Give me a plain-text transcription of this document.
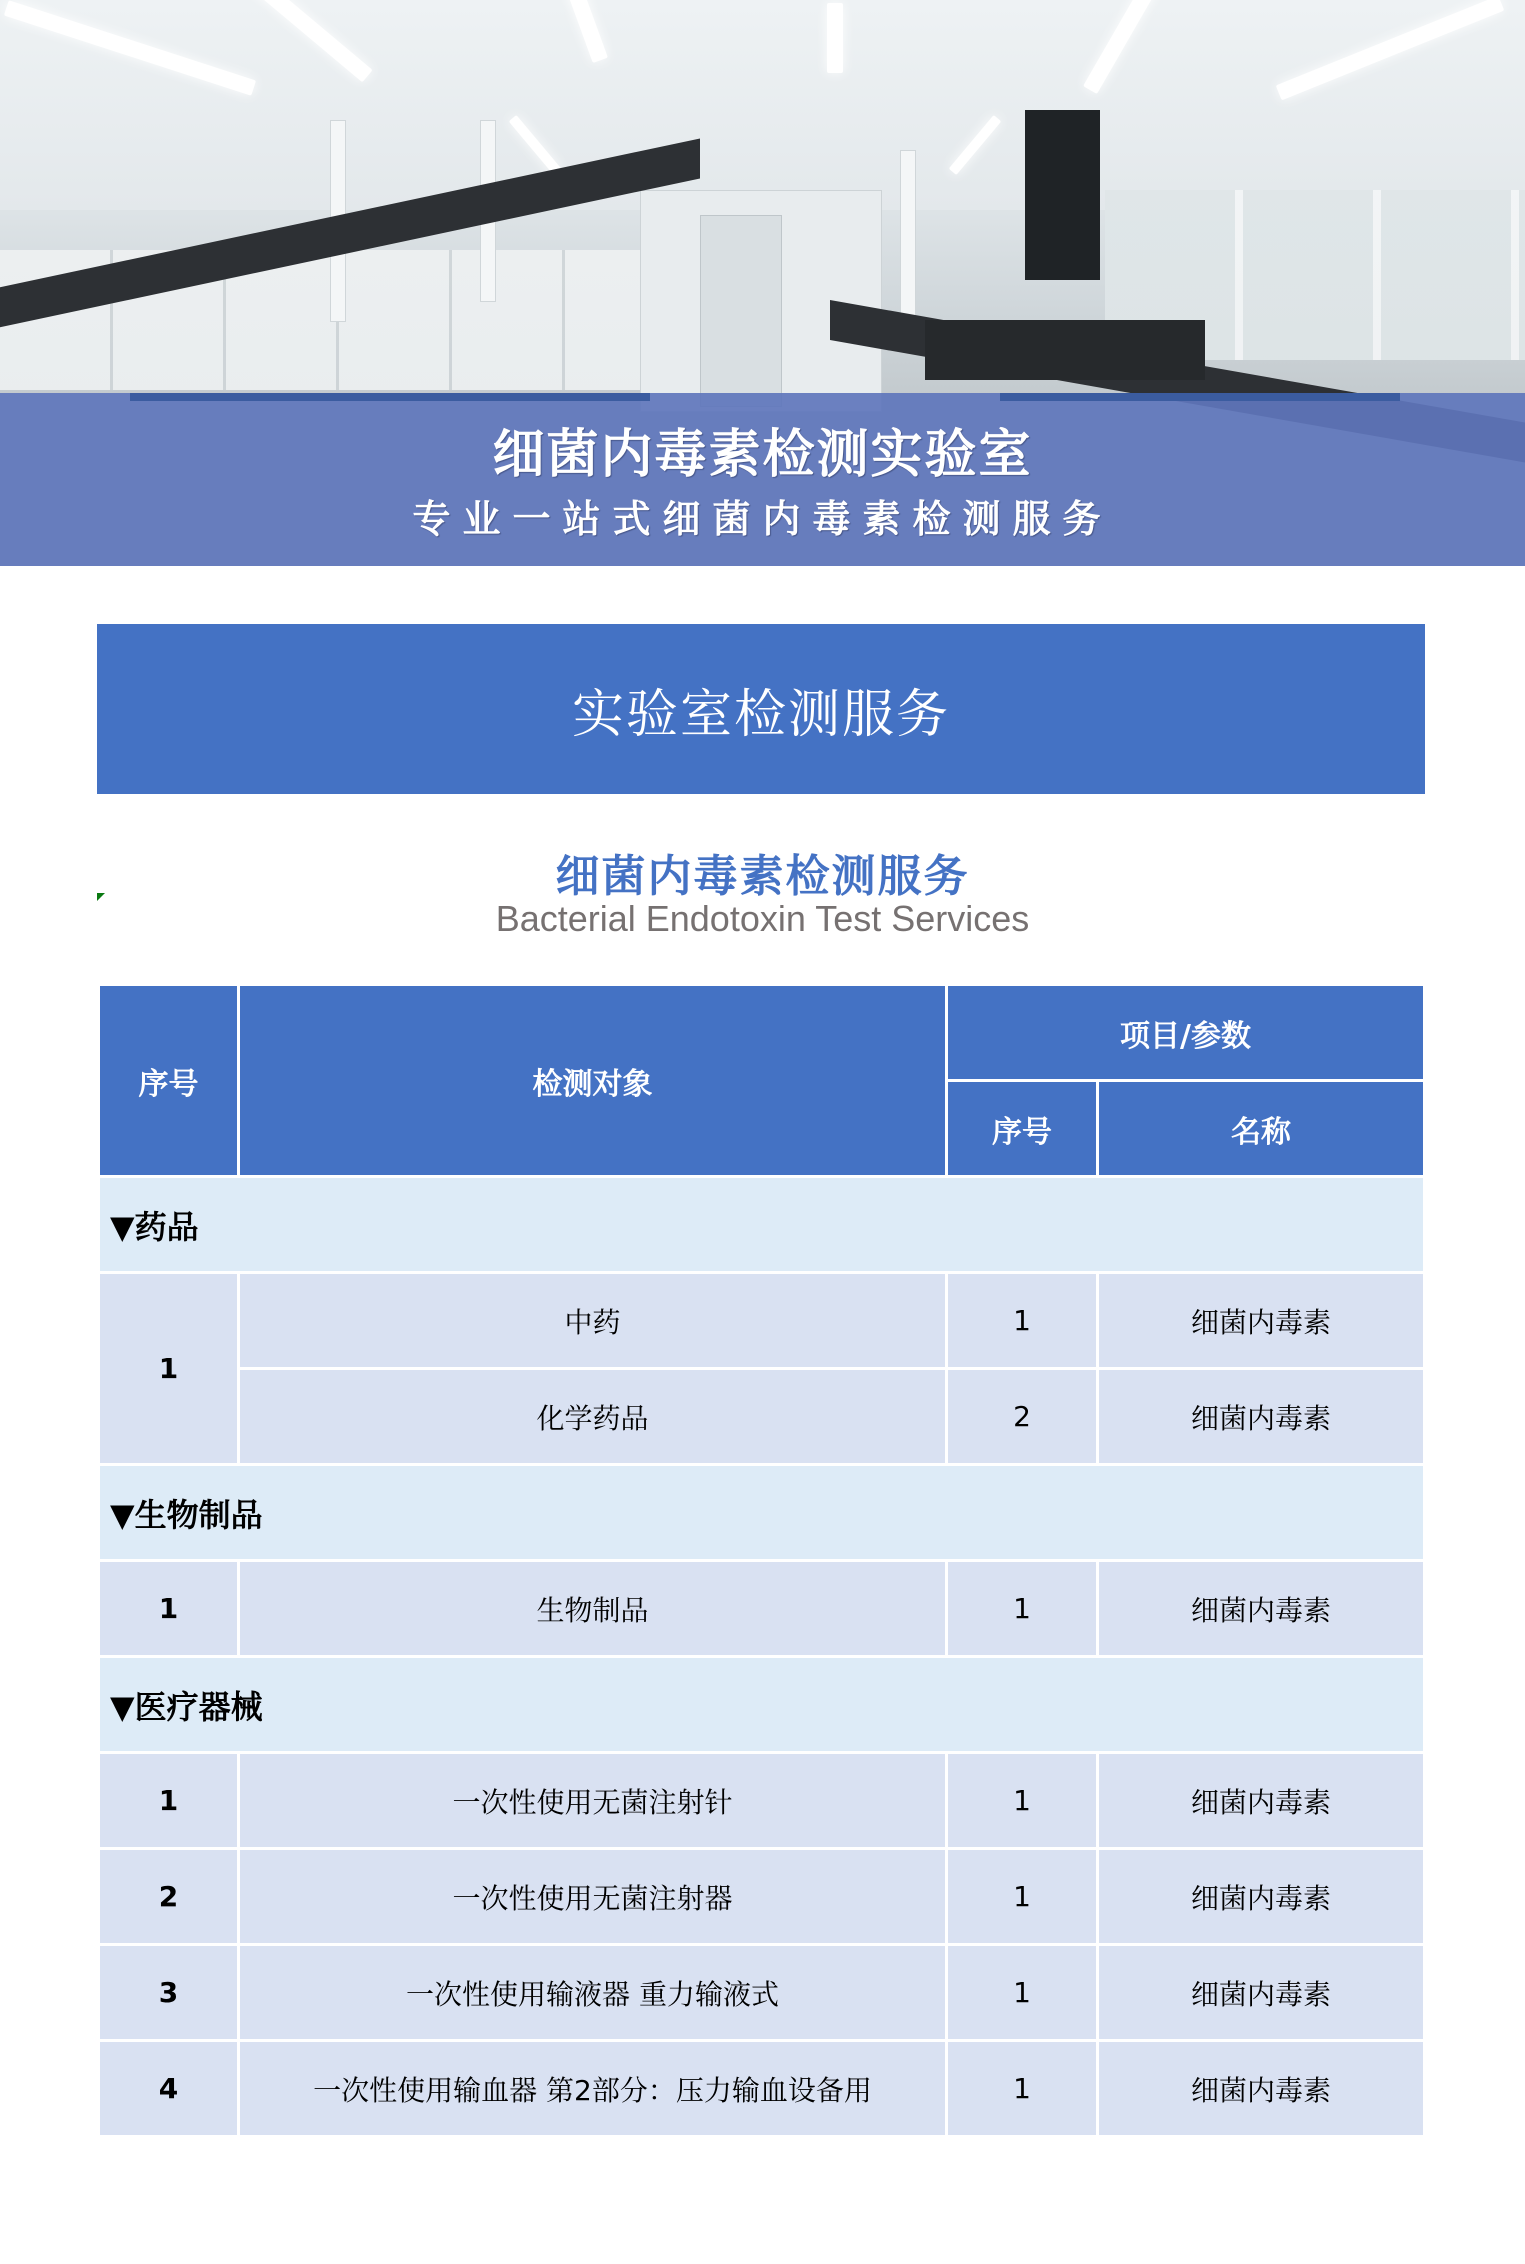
细菌内毒素检测实验室
专业一站式细菌内毒素检测服务
实验室检测服务
细菌内毒素检测服务
Bacterial Endotoxin Test Services
序号	检测对象	项目/参数	
		序号	名称
▼药品			
1	中药	1	细菌内毒素
	化学药品	2	细菌内毒素
▼生物制品			
1	生物制品	1	细菌内毒素
▼医疗器械			
1	一次性使用无菌注射针	1	细菌内毒素
2	一次性使用无菌注射器	1	细菌内毒素
3	一次性使用输液器 重力输液式	1	细菌内毒素
4	一次性使用输血器 第2部分：压力输血设备用	1	细菌内毒素
